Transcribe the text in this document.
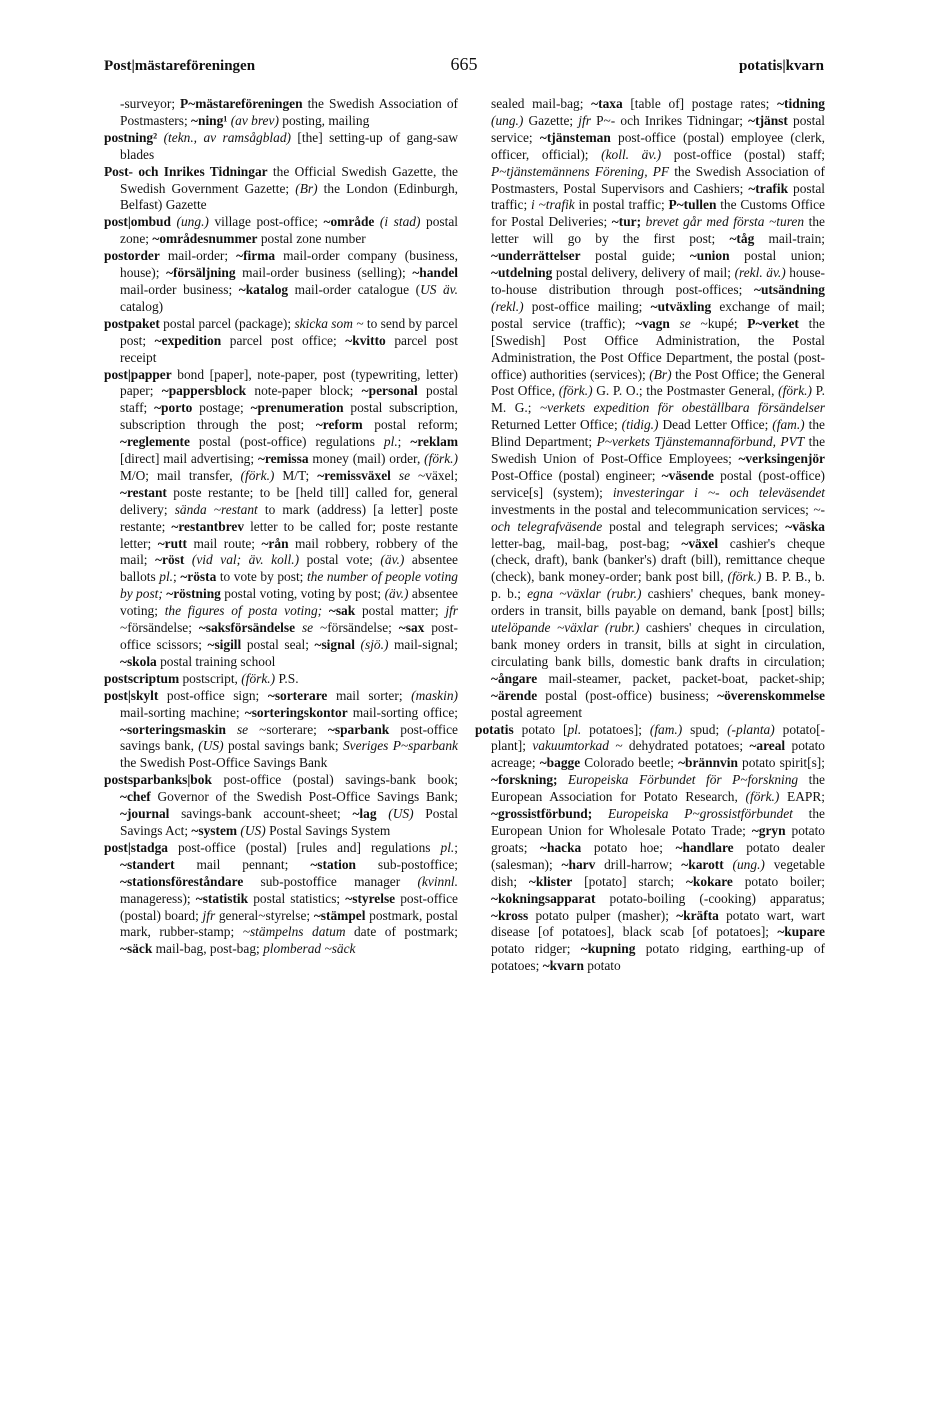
Post|mästareföreningen	665	potatis|kvarn

-surveyor; P~mästareföreningen the Swedish Association of Postmasters; ~ning¹ (av brev) posting, mailing

postning² (tekn., av ramsågblad) [the] setting-up of gang-saw blades

Post- och Inrikes Tidningar the Official Swedish Gazette, the Swedish Government Gazette; (Br) the London (Edinburgh, Belfast) Gazette

post|ombud (ung.) village post-office; ~område (i stad) postal zone; ~områdesnummer postal zone number

postorder mail-order; ~firma mail-order company (business, house); ~försäljning mail-order business (selling); ~handel mail-order business; ~katalog mail-order catalogue (US äv. catalog)

postpaket postal parcel (package); skicka som ~ to send by parcel post; ~expedition parcel post office; ~kvitto parcel post receipt

post|papper bond [paper], note-paper, post (typewriting, letter) paper; ~pappersblock note-paper block; ~personal postal staff; ~porto postage; ~prenumeration postal subscription, subscription through the post; ~reform postal reform; ~reglemente postal (post-office) regulations pl.; ~reklam [direct] mail advertising; ~remissa money (mail) order, (förk.) M/O; mail transfer, (förk.) M/T; ~remissväxel se ~växel; ~restant poste restante; to be [held till] called for, general delivery; sända ~restant to mark (address) [a letter] poste restante; ~restantbrev letter to be called for; poste restante letter; ~rutt mail route; ~rån mail robbery, robbery of the mail; ~röst (vid val; äv. koll.) postal vote; (äv.) absentee ballots pl.; ~rösta to vote by post; the number of people voting by post; ~röstning postal voting, voting by post; (äv.) absentee voting; the figures of posta voting; ~sak postal matter; jfr ~försändelse; ~saksförsändelse se ~försändelse; ~sax post-office scissors; ~sigill postal seal; ~signal (sjö.) mail-signal; ~skola postal training school

postscriptum postscript, (förk.) P.S.

post|skylt post-office sign; ~sorterare mail sorter; (maskin) mail-sorting machine; ~sorteringskontor mail-sorting office; ~sorteringsmaskin se ~sorterare; ~sparbank post-office savings bank, (US) postal savings bank; Sveriges P~sparbank the Swedish Post-Office Savings Bank

postsparbanks|bok post-office (postal) savings-bank book; ~chef Governor of the Swedish Post-Office Savings Bank; ~journal savings-bank account-sheet; ~lag (US) Postal Savings Act; ~system (US) Postal Savings System

post|stadga post-office (postal) [rules and] regulations pl.; ~standert mail pennant; ~station sub-postoffice; ~stationsföreståndare sub-postoffice manager (kvinnl. manageress); ~statistik postal statistics; ~styrelse post-office (postal) board; jfr general~styrelse; ~stämpel postmark, postal mark, rubber-stamp; ~stämpelns datum date of postmark; ~säck mail-bag, post-bag; plomberad ~säck

sealed mail-bag; ~taxa [table of] postage rates; ~tidning (ung.) Gazette; jfr P~- och Inrikes Tidningar; ~tjänst postal service; ~tjänsteman post-office (postal) employee (clerk, officer, official); (koll. äv.) post-office (postal) staff; P~tjänstemännens Förening, PF the Swedish Association of Postmasters, Postal Supervisors and Cashiers; ~trafik postal traffic; i ~trafik in postal traffic; P~tullen the Customs Office for Postal Deliveries; ~tur; brevet går med första ~turen the letter will go by the first post; ~tåg mail-train; ~underrättelser postal guide; ~union postal union; ~utdelning postal delivery, delivery of mail; (rekl. äv.) house-to-house distribution through post-offices; ~utsändning (rekl.) post-office mailing; ~utväxling exchange of mail; postal service (traffic); ~vagn se ~kupé; P~verket the [Swedish] Post Office Administration, the Postal Administration, the Post Office Department, the postal (post-office) authorities (services); (Br) the Post Office; the General Post Office, (förk.) G. P. O.; the Postmaster General, (förk.) P. M. G.; ~verkets expedition för obeställbara försändelser Returned Letter Office; (tidig.) Dead Letter Office; (fam.) the Blind Department; P~verkets Tjänstemannaförbund, PVT the Swedish Union of Post-Office Employees; ~verksingenjör Post-Office (postal) engineer; ~väsende postal (post-office) service[s] (system); investeringar i ~- och televäsendet investments in the postal and telecommunication services; ~- och telegrafväsende postal and telegraph services; ~väska letter-bag, mail-bag, post-bag; ~växel cashier's cheque (check, draft), bank (banker's) draft (bill), remittance cheque (check), bank money-order; bank post bill, (förk.) B. P. B., b. p. b.; egna ~växlar (rubr.) cashiers' cheques, bank money-orders in transit, bills payable on demand, bank [post] bills; utelöpande ~växlar (rubr.) cashiers' cheques in circulation, bank money orders in transit, bills at sight in circulation, circulating bank bills, domestic bank drafts in circulation; ~ångare mail-steamer, packet, packet-boat, packet-ship; ~ärende postal (post-office) business; ~överenskommelse postal agreement

potatis potato [pl. potatoes]; (fam.) spud; (-planta) potato[-plant]; vakuumtorkad ~ dehydrated potatoes; ~areal potato acreage; ~bagge Colorado beetle; ~brännvin potato spirit[s]; ~forskning; Europeiska Förbundet för P~forskning the European Association for Potato Research, (förk.) EAPR; ~grossistförbund; Europeiska P~grossistförbundet the European Union for Wholesale Potato Trade; ~gryn potato groats; ~hacka potato hoe; ~handlare potato dealer (salesman); ~harv drill-harrow; ~karott (ung.) vegetable dish; ~klister [potato] starch; ~kokare potato boiler; ~kokningsapparat potato-boiling (-cooking) apparatus; ~kross potato pulper (masher); ~kräfta potato wart, wart disease [of potatoes], black scab [of potatoes]; ~kupare potato ridger; ~kupning potato ridging, earthing-up of potatoes; ~kvarn potato
